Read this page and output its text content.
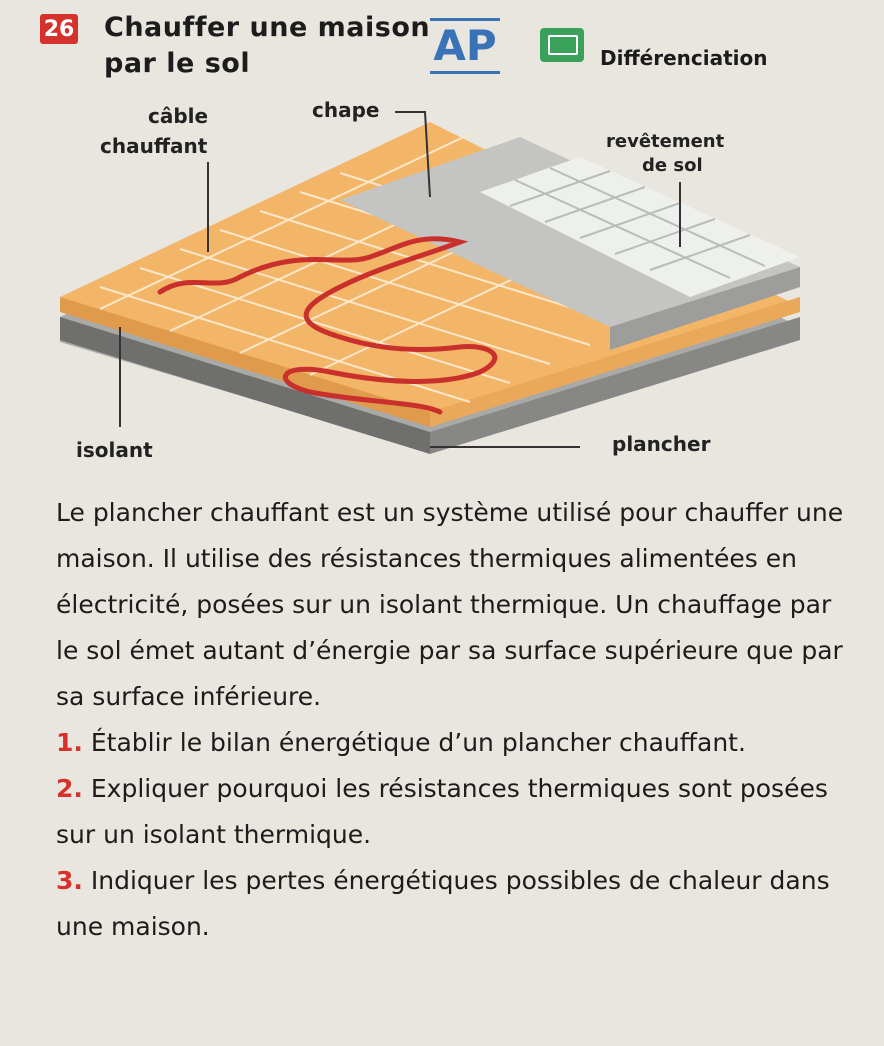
26 Chauffer une maison
par le sol	AP	Différenciation
câble
chauffant
chape
revêtement
de sol
isolant	plancher

Le plancher chauffant est un système utilisé pour chauffer une maison. Il utilise des résistances thermiques alimentées en électricité, posées sur un isolant thermique. Un chauffage par le sol émet autant d’énergie par sa surface supérieure que par sa surface inférieure.

1. Établir le bilan énergétique d’un plancher chauffant.

2. Expliquer pourquoi les résistances thermiques sont posées sur un isolant thermique.

3. Indiquer les pertes énergétiques possibles de chaleur dans une maison.
